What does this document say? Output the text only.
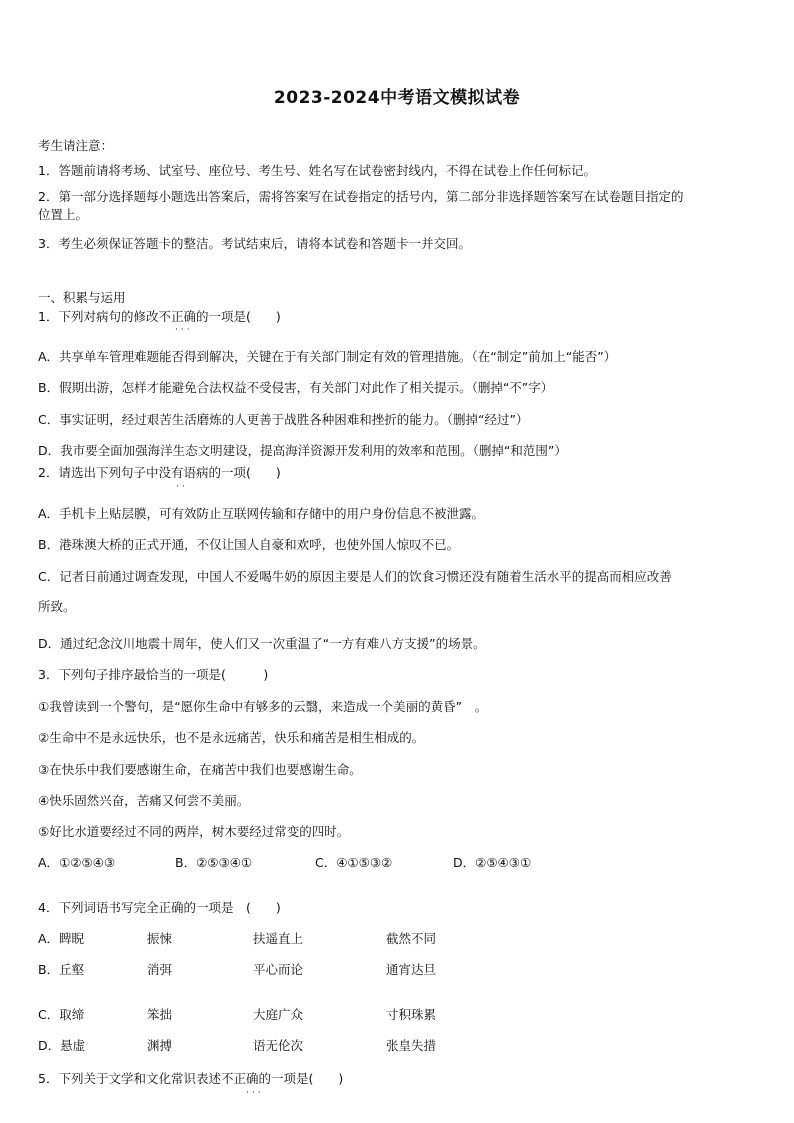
2023-2024中考语文模拟试卷
考生请注意：
1．答题前请将考场、试室号、座位号、考生号、姓名写在试卷密封线内，不得在试卷上作任何标记。
2．第一部分选择题每小题选出答案后，需将答案写在试卷指定的括号内，第二部分非选择题答案写在试卷题目指定的
位置上。
3．考生必须保证答题卡的整洁。考试结束后，请将本试卷和答题卡一并交回。
一、积累与运用
1．下列对病句的修改不正确的一项是(　　)
···
A．共享单车管理难题能否得到解决，关键在于有关部门制定有效的管理措施。（在“制定”前加上“能否”）
B．假期出游，怎样才能避免合法权益不受侵害，有关部门对此作了相关提示。（删掉“不”字）
C．事实证明，经过艰苦生活磨炼的人更善于战胜各种困难和挫折的能力。（删掉“经过”）
D．我市要全面加强海洋生态文明建设，提高海洋资源开发利用的效率和范围。（删掉“和范围”）
2．请选出下列句子中没有语病的一项(　　)
··
A．手机卡上贴层膜，可有效防止互联网传输和存储中的用户身份信息不被泄露。
B．港珠澳大桥的正式开通，不仅让国人自豪和欢呼，也使外国人惊叹不已。
C．记者日前通过调查发现，中国人不爱喝牛奶的原因主要是人们的饮食习惯还没有随着生活水平的提高而相应改善
所致。
D．通过纪念汶川地震十周年，使人们又一次重温了“一方有难八方支援”的场景。
3．下列句子排序最恰当的一项是(　　　)
①我曾读到一个警句，是“愿你生命中有够多的云翳，来造成一个美丽的黄昏”　。
②生命中不是永远快乐，也不是永远痛苦，快乐和痛苦是相生相成的。
③在快乐中我们要感谢生命，在痛苦中我们也要感谢生命。
④快乐固然兴奋，苦痛又何尝不美丽。
⑤好比水道要经过不同的两岸，树木要经过常变的四时。
A．①②⑤④③	B．②⑤③④①	C．④①⑤③②	D．②⑤④③①
4．下列词语书写完全正确的一项是　(　　)
A．睥睨	振悚	扶遥直上	截然不同
B．丘壑	消弭	平心而论	通宵达旦
C．取缔	笨拙	大庭广众	寸积珠累
D．悬虚	渊搏	语无伦次	张皇失措
5．下列关于文学和文化常识表述不正确的一项是(　　)
···
